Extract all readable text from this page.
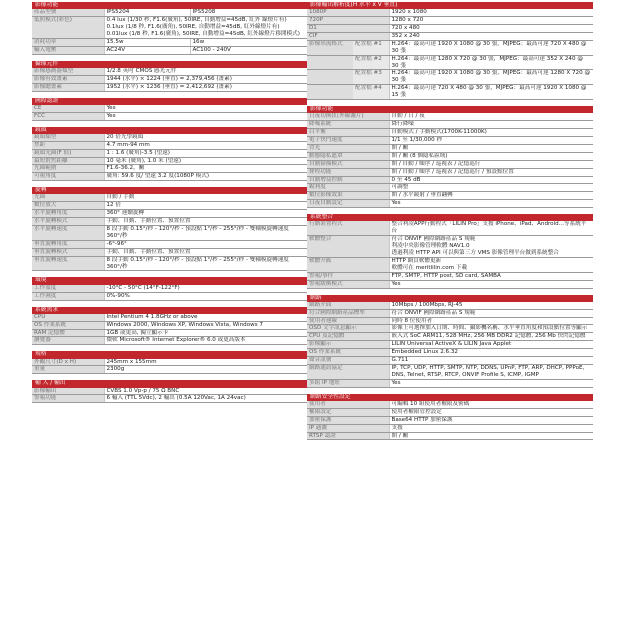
影像功能
產品型號	IPS5204	IPS5208
低照模式(彩色)	0.4 lux (1/30 秒, F1.6(廣角), 50IRE, 自動增益=45dB, 紅外 線燈片有)
0.1lux (1/8 秒, F1.6(廣角), 50IRE, 自動增益=45dB, 紅外線燈片有)
0.01lux (1/8 秒, F1.6(廣角), 50IRE, 自動增益=45dB, 紅外線燈片移開模式)	
消耗功率	15.5w	16w
輸入電壓	AC24V	AC100 - 240V
攝像元件
影像感測器類型	1/2.8 英吋 CMOS 感光元件
影像有效畫素	1944 (水平) × 1224 (垂直) = 2,379,456 (畫素)
影像總畫素	1952 (水平) × 1236 (垂直) = 2,412,692 (畫素)
國際認證
CE	Yes
FCC	Yes
鏡頭
鏡頭類型	20 倍光學鏡頭
焦距	4.7 mm-94 mm
鏡頭光圈(F 值)	1 : 1.6 (廣角)-3.5 (望遠)
最短對焦距離	10 毫米 (廣角), 1.0 米 (望遠)
光圈範圍	F1.6-36.2，關
可視角度	廣角: 59.6 度/ 望遠 3.2 度(1080P 模式)
旋轉
光圈	自動 / 手動
數位放大	12 倍
水平旋轉角度	360° 連續旋轉
水平旋轉模式	手動、自動、手動位置、預置位置
水平旋轉速度	8 段手動 0.15°/秒 - 120°/秒 - 預設點 1°/秒 - 255°/秒 - 雙軸模旋轉速度 360°/秒
垂直旋轉角度	-6°-96°
垂直旋轉模式	手動、自動、手動位置、預置位置
垂直旋轉速度	8 段手動 0.15°/秒 - 120°/秒 - 預設點 1°/秒 - 255°/秒 - 雙軸模旋轉速度 360°/秒
環境
工作溫度	-10°C - 50°C (14°F-122°F)
工作濕度	0%-90%
系統需求
CPU	Intel Pentium 4 1.8GHz or above
OS 作業系統	Windows 2000, Windows XP, Windows Vista, Windows 7
RAM 記憶體	1GB 或更高, 獨立顯示卡
瀏覽器	微軟 Microsoft® Internet Explorer® 6.0 或更高版本
規格
外觀尺寸(D x H)	245mm x 155mm
重量	2300g
輸 入 / 輸出
影像輸出	CVBS 1.0 Vp-p / 75 Ω BNC
警報功能	6 輸入 (TTL 5Vdc), 2 輸出 (0.5A 120Vac, 1A 24vac)
影像輸出解析度(H 水平 x V 垂直)
1080P	1920 x 1080
720P	1280 x 720
D1	720 x 480
CIF	352 x 240
影像串流格式	配置檔 #1	H.264：最高可達 1920 X 1080 @ 30 張，MJPEG：最高可達 720 X 480 @ 30 張
	配置檔 #2	H.264：最高可達 1280 X 720 @ 30 張，MJPEG：最高可達 352 X 240 @ 30 張
	配置檔 #3	H.264：最高可達 1920 X 1080 @ 30 張，MJPEG：最高可達 1280 X 720 @ 30 張
	配置檔 #4	H.264：最高可達 720 X 480 @ 30 張，MJPEG：最高可達 1920 X 1080 @ 15 張
影像功能
日夜切換(紅外線濾片)	自動 / 日 / 夜
降噪系統	降行降噪
白平衡	自動模式 / 手動模式(1700K-11000K)
電子快門速度	1/1 至 1/30,000 秒
背光	開 / 關
動態隱私遮罩	開 / 關 (8 個隱私區域)
自動掃描模式	開 / 自動 / 順序 / 巡視表 / 記憶巡行
排程功能	開 / 自動 / 順序 / 巡視表 / 記憶巡行 / 預設點位置
自動增益控制	0 至 45 dB
銳利度	可調整
數位影像效果	開 / 水平鏡射 / 垂直翻轉
日夜自動設定	Yes
系統整合
行動裝置程式	整合利凌APP行動程式「LILIN Pro」支援 iPhone、iPad、Android...等系統平台
軟體整合	符合 ONVIF 國際網路產品 S 規範
利凌中央影像管理軟體 NAV1.0
透過利凌 HTTP API 可以與第三方 VMS 影像管理平台做到系統整合
軟體升級	HTTP 網頁軟體更新
軟體可在 meritlilin.com 下載
警報/事件	FTP, SMTP, HTTP post, SD card, SAMBA
警報緩衝模式	Yes
網路
網路介面	10Mbps / 100Mbps, RJ-45
符合國際網路產品標準	符合 ONVIF 國際網路產品 S 規範
使用者連線	同時 8 位使用者
OSD 文字訊息顯示	影像上可選擇加入日期、時間、攝影機名稱、水平垂直角度和預設點位置等顯示
CPU 及記憶體	嵌入式 SoC ARM11, 528 MHz, 256 MB DDR2 記憶體, 256 Mb 快閃記憶體
影像顯示	LILIN Universal ActiveX & LILIN Java Applet
OS 作業系統	Embedded Linux 2.6.32
聲音訊號	G.711
網路通訊協定	IP, TCP, UDP, HTTP, SMTP, NTP, DDNS, UPnP, FTP, ARP, DHCP, PPPoE, DNS, Telnet, RTSP, RTCP, ONVIF Profile S, ICMP, IGMP
多組 IP 地址	Yes
網路安全性設定
使用者	可編輯 10 組使用者權限及密碼
權限設定	使用者權限管控設定
加密保護	Base64 HTTP 加密保護
IP 過濾	支援
RTSP 認證	開 / 關
